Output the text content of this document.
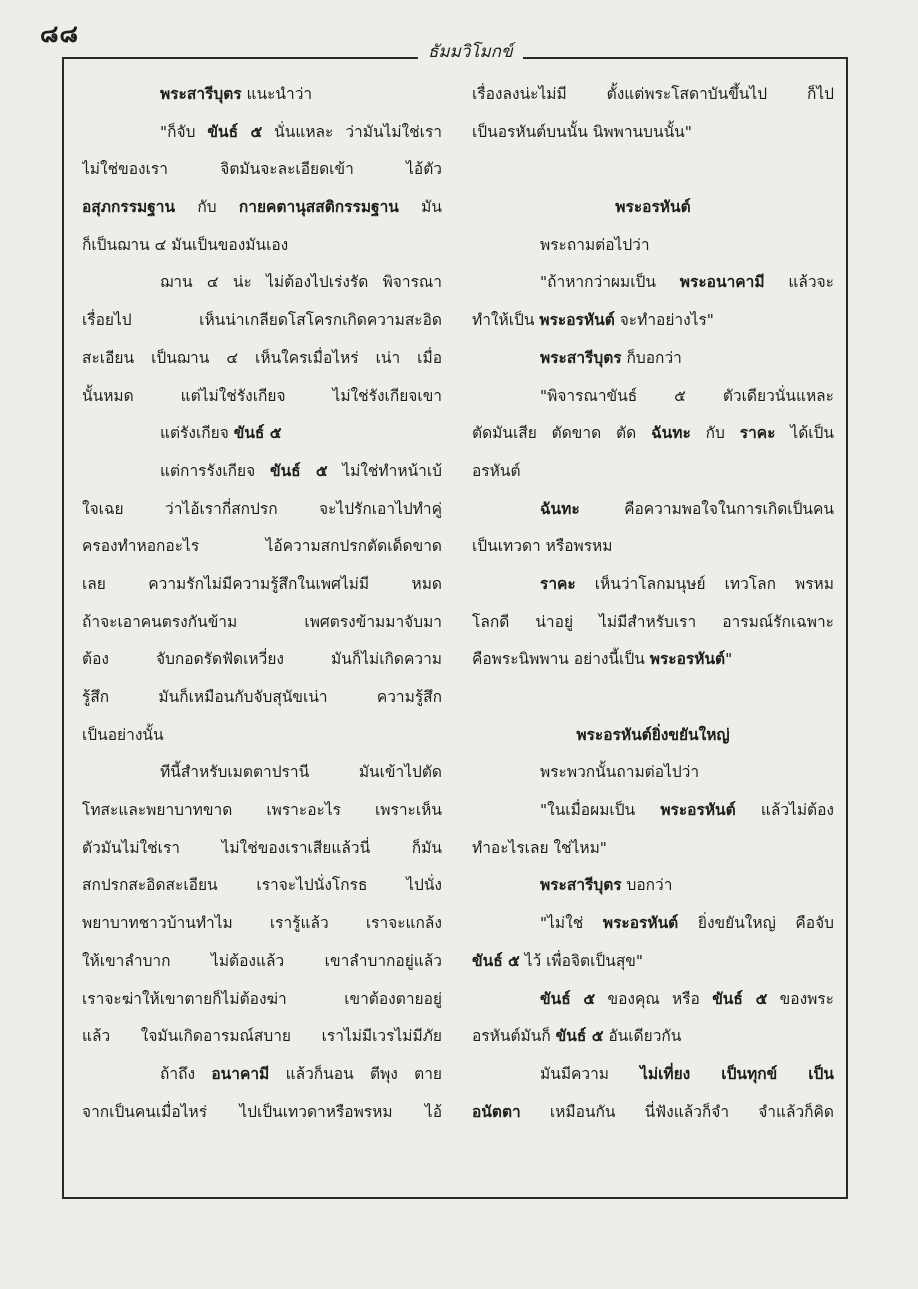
๘๘
ธัมมวิโมกข์
พระสารีบุตร แนะนำว่า
"ก็จับ ขันธ์ ๕ นั่นแหละ ว่ามันไม่ใช่เรา
ไม่ใช่ของเรา จิตมันจะละเอียดเข้า ไอ้ตัว
อสุภกรรมฐาน กับ กายคตานุสสติกรรมฐาน มัน
ก็เป็นฌาน ๔ มันเป็นของมันเอง
ฌาน ๔ น่ะ ไม่ต้องไปเร่งรัด พิจารณา
เรื่อยไป เห็นน่าเกลียดโสโครกเกิดความสะอิด
สะเอียน เป็นฌาน ๔ เห็นใครเมื่อไหร่ เน่า เมื่อ
นั้นหมด แต่ไม่ใช่รังเกียจ ไม่ใช่รังเกียจเขา
แต่รังเกียจ ขันธ์ ๕
แต่การรังเกียจ ขันธ์ ๕ ไม่ใช่ทำหน้าเบ้
ใจเฉย ว่าไอ้เรากี่สกปรก จะไปรักเอาไปทำคู่
ครองทำหอกอะไร ไอ้ความสกปรกตัดเด็ดขาด
เลย ความรักไม่มีความรู้สึกในเพศไม่มี หมด
ถ้าจะเอาคนตรงกันข้าม เพศตรงข้ามมาจับมา
ต้อง จับกอดรัดฟัดเหวี่ยง มันก็ไม่เกิดความ
รู้สึก มันก็เหมือนกับจับสุนัขเน่า ความรู้สึก
เป็นอย่างนั้น
ทีนี้สำหรับเมตตาปรานี มันเข้าไปตัด
โทสะและพยาบาทขาด เพราะอะไร เพราะเห็น
ตัวมันไม่ใช่เรา ไม่ใช่ของเราเสียแล้วนี่ ก็มัน
สกปรกสะอิดสะเอียน เราจะไปนั่งโกรธ ไปนั่ง
พยาบาทชาวบ้านทำไม เรารู้แล้ว เราจะแกล้ง
ให้เขาลำบาก ไม่ต้องแล้ว เขาลำบากอยู่แล้ว
เราจะฆ่าให้เขาตายก็ไม่ต้องฆ่า เขาต้องตายอยู่
แล้ว ใจมันเกิดอารมณ์สบาย เราไม่มีเวรไม่มีภัย
ถ้าถึง อนาคามี แล้วก็นอน ตีพุง ตาย
จากเป็นคนเมื่อไหร่ ไปเป็นเทวดาหรือพรหม ไอ้
เรื่องลงน่ะไม่มี ตั้งแต่พระโสดาบันขึ้นไป ก็ไป
เป็นอรหันต์บนนั้น นิพพานบนนั้น"
พระอรหันต์
พระถามต่อไปว่า
"ถ้าหากว่าผมเป็น พระอนาคามี แล้วจะ
ทำให้เป็น พระอรหันต์ จะทำอย่างไร"
พระสารีบุตร ก็บอกว่า
"พิจารณาขันธ์ ๕ ตัวเดียวนั่นแหละ
ตัดมันเสีย ตัดขาด ตัด ฉันทะ กับ ราคะ ได้เป็น
อรหันต์
ฉันทะ คือความพอใจในการเกิดเป็นคน
เป็นเทวดา หรือพรหม
ราคะ เห็นว่าโลกมนุษย์ เทวโลก พรหม
โลกดี น่าอยู่ ไม่มีสำหรับเรา อารมณ์รักเฉพาะ
คือพระนิพพาน อย่างนี้เป็น พระอรหันต์"
พระอรหันต์ยิ่งขยันใหญ่
พระพวกนั้นถามต่อไปว่า
"ในเมื่อผมเป็น พระอรหันต์ แล้วไม่ต้อง
ทำอะไรเลย ใช่ไหม"
พระสารีบุตร บอกว่า
"ไม่ใช่ พระอรหันต์ ยิ่งขยันใหญ่ คือจับ
ขันธ์ ๕ ไว้ เพื่อจิตเป็นสุข"
ขันธ์ ๕ ของคุณ หรือ ขันธ์ ๕ ของพระ
อรหันต์มันก็ ขันธ์ ๕ อันเดียวกัน
มันมีความ ไม่เที่ยง เป็นทุกข์ เป็น
อนัตตา เหมือนกัน นี่ฟังแล้วก็จำ จำแล้วก็คิด
